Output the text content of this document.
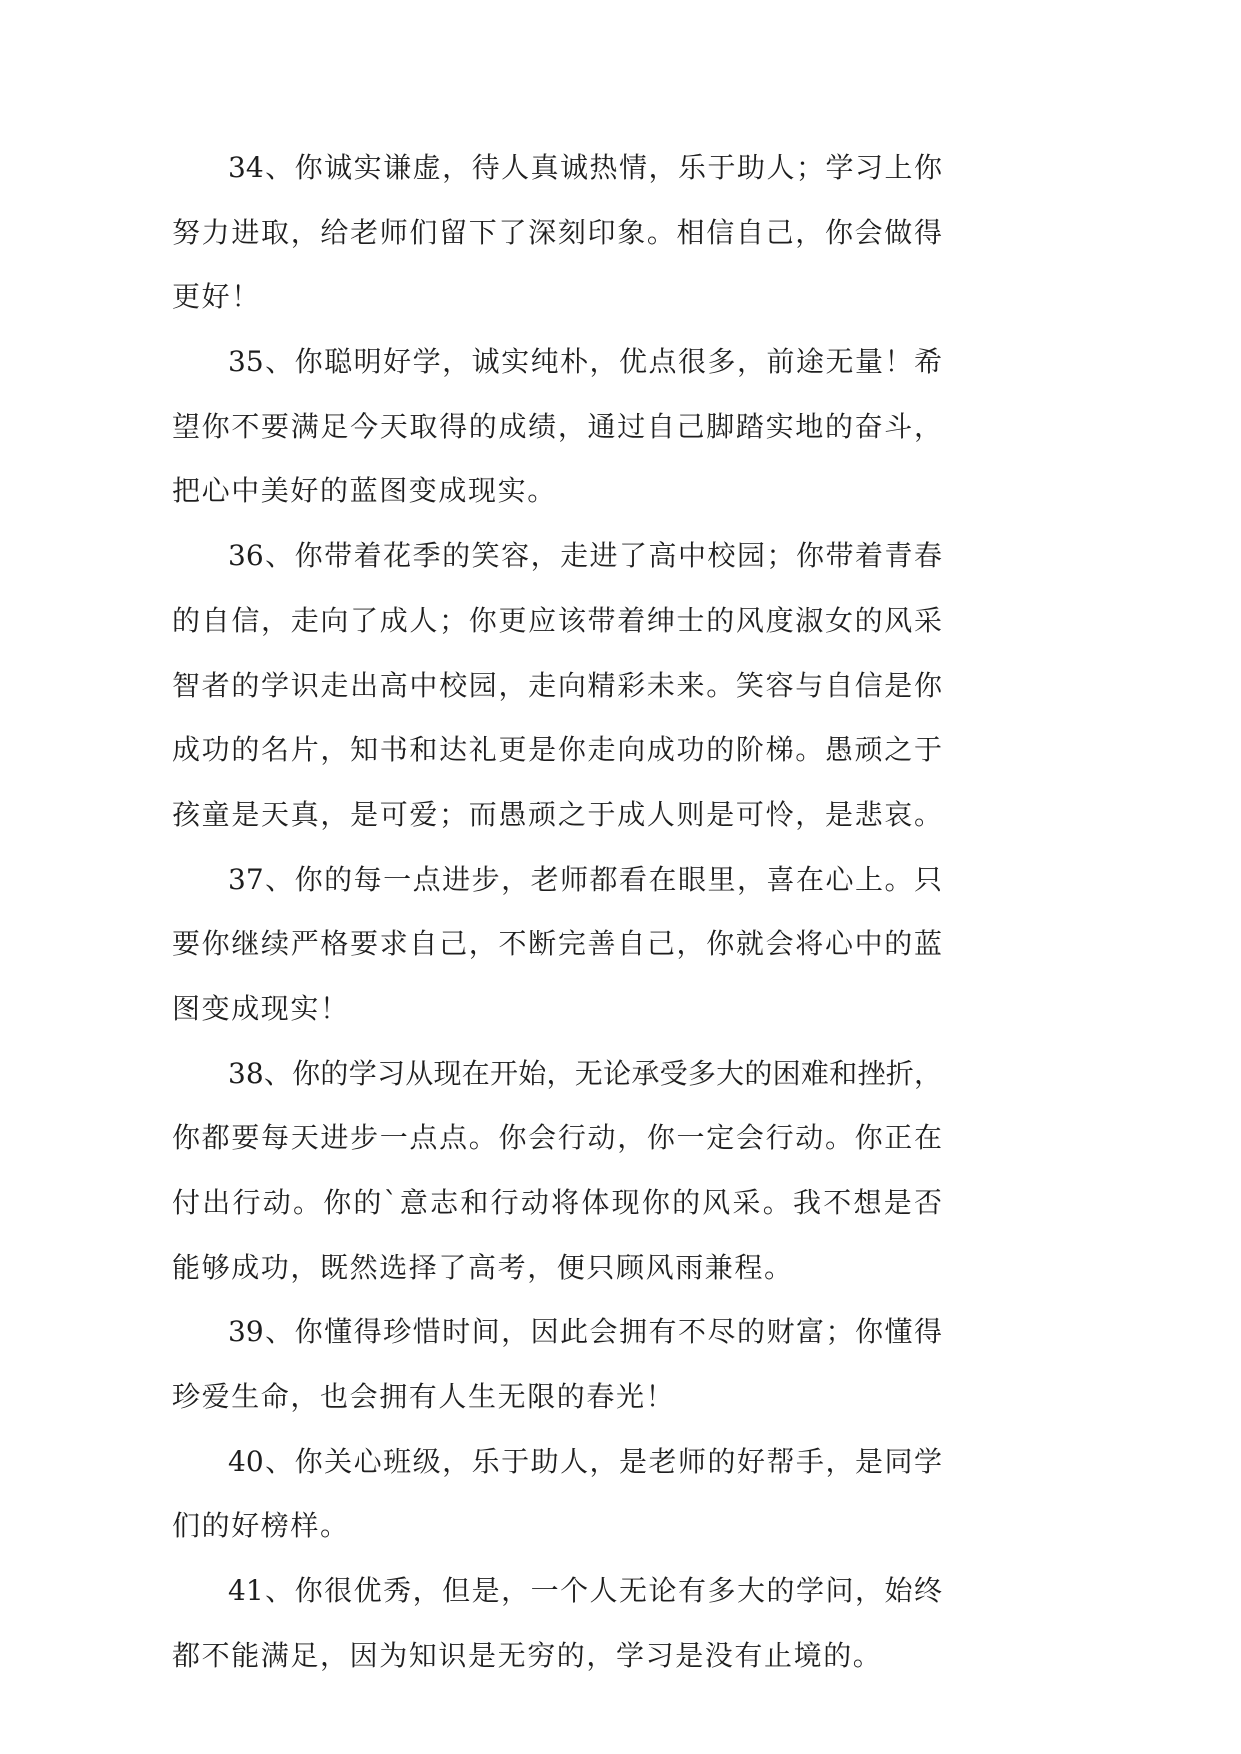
34、你诚实谦虚，待人真诚热情，乐于助人；学习上你
努力进取，给老师们留下了深刻印象。相信自己，你会做得
更好！
35、你聪明好学，诚实纯朴，优点很多，前途无量！希
望你不要满足今天取得的成绩，通过自己脚踏实地的奋斗，
把心中美好的蓝图变成现实。
36、你带着花季的笑容，走进了高中校园；你带着青春
的自信，走向了成人；你更应该带着绅士的风度淑女的风采
智者的学识走出高中校园，走向精彩未来。笑容与自信是你
成功的名片，知书和达礼更是你走向成功的阶梯。愚顽之于
孩童是天真，是可爱；而愚顽之于成人则是可怜，是悲哀。
37、你的每一点进步，老师都看在眼里，喜在心上。只
要你继续严格要求自己，不断完善自己，你就会将心中的蓝
图变成现实！
38、你的学习从现在开始，无论承受多大的困难和挫折，
你都要每天进步一点点。你会行动，你一定会行动。你正在
付出行动。你的`意志和行动将体现你的风采。我不想是否
能够成功，既然选择了高考，便只顾风雨兼程。
39、你懂得珍惜时间，因此会拥有不尽的财富；你懂得
珍爱生命，也会拥有人生无限的春光！
40、你关心班级，乐于助人，是老师的好帮手，是同学
们的好榜样。
41、你很优秀，但是，一个人无论有多大的学问，始终
都不能满足，因为知识是无穷的，学习是没有止境的。
